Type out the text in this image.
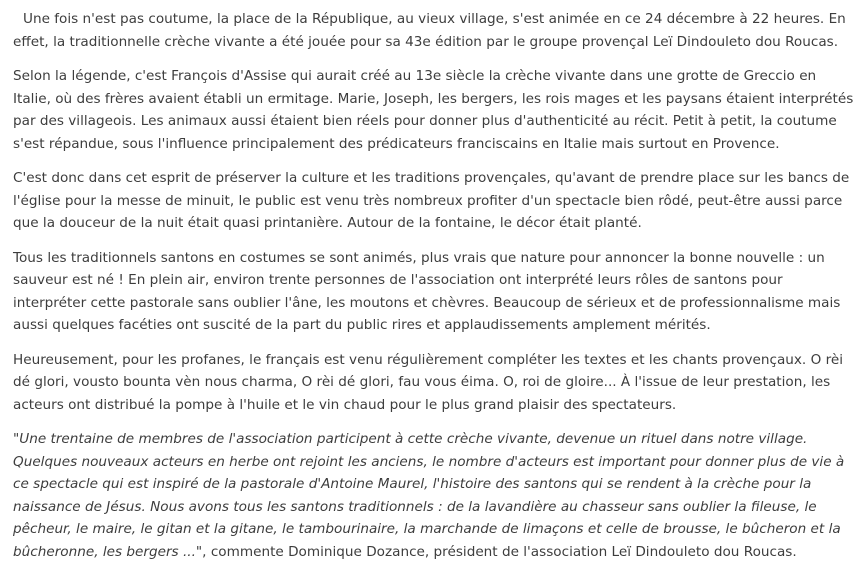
Une fois n'est pas coutume, la place de la République, au vieux village, s'est animée en ce 24 décembre à 22 heures. En effet, la traditionnelle crèche vivante a été jouée pour sa 43e édition par le groupe provençal Leï Dindouleto dou Roucas.

Selon la légende, c'est François d'Assise qui aurait créé au 13e siècle la crèche vivante dans une grotte de Greccio en Italie, où des frères avaient établi un ermitage. Marie, Joseph, les bergers, les rois mages et les paysans étaient interprétés par des villageois. Les animaux aussi étaient bien réels pour donner plus d'authenticité au récit. Petit à petit, la coutume s'est répandue, sous l'influence principalement des prédicateurs franciscains en Italie mais surtout en Provence.

C'est donc dans cet esprit de préserver la culture et les traditions provençales, qu'avant de prendre place sur les bancs de l'église pour la messe de minuit, le public est venu très nombreux profiter d'un spectacle bien rôdé, peut-être aussi parce que la douceur de la nuit était quasi printanière. Autour de la fontaine, le décor était planté.

Tous les traditionnels santons en costumes se sont animés, plus vrais que nature pour annoncer la bonne nouvelle : un sauveur est né ! En plein air, environ trente personnes de l'association ont interprété leurs rôles de santons pour interpréter cette pastorale sans oublier l'âne, les moutons et chèvres. Beaucoup de sérieux et de professionnalisme mais aussi quelques facéties ont suscité de la part du public rires et applaudissements amplement mérités.

Heureusement, pour les profanes, le français est venu régulièrement compléter les textes et les chants provençaux. O rèi dé glori, vousto bounta vèn nous charma, O rèi dé glori, fau vous éima. O, roi de gloire... À l'issue de leur prestation, les acteurs ont distribué la pompe à l'huile et le vin chaud pour le plus grand plaisir des spectateurs.

"Une trentaine de membres de l'association participent à cette crèche vivante, devenue un rituel dans notre village. Quelques nouveaux acteurs en herbe ont rejoint les anciens, le nombre d'acteurs est important pour donner plus de vie à ce spectacle qui est inspiré de la pastorale d'Antoine Maurel, l'histoire des santons qui se rendent à la crèche pour la naissance de Jésus. Nous avons tous les santons traditionnels : de la lavandière au chasseur sans oublier la fileuse, le pêcheur, le maire, le gitan et la gitane, le tambourinaire, la marchande de limaçons et celle de brousse, le bûcheron et la bûcheronne, les bergers ...", commente Dominique Dozance, président de l'association Leï Dindouleto dou Roucas.
